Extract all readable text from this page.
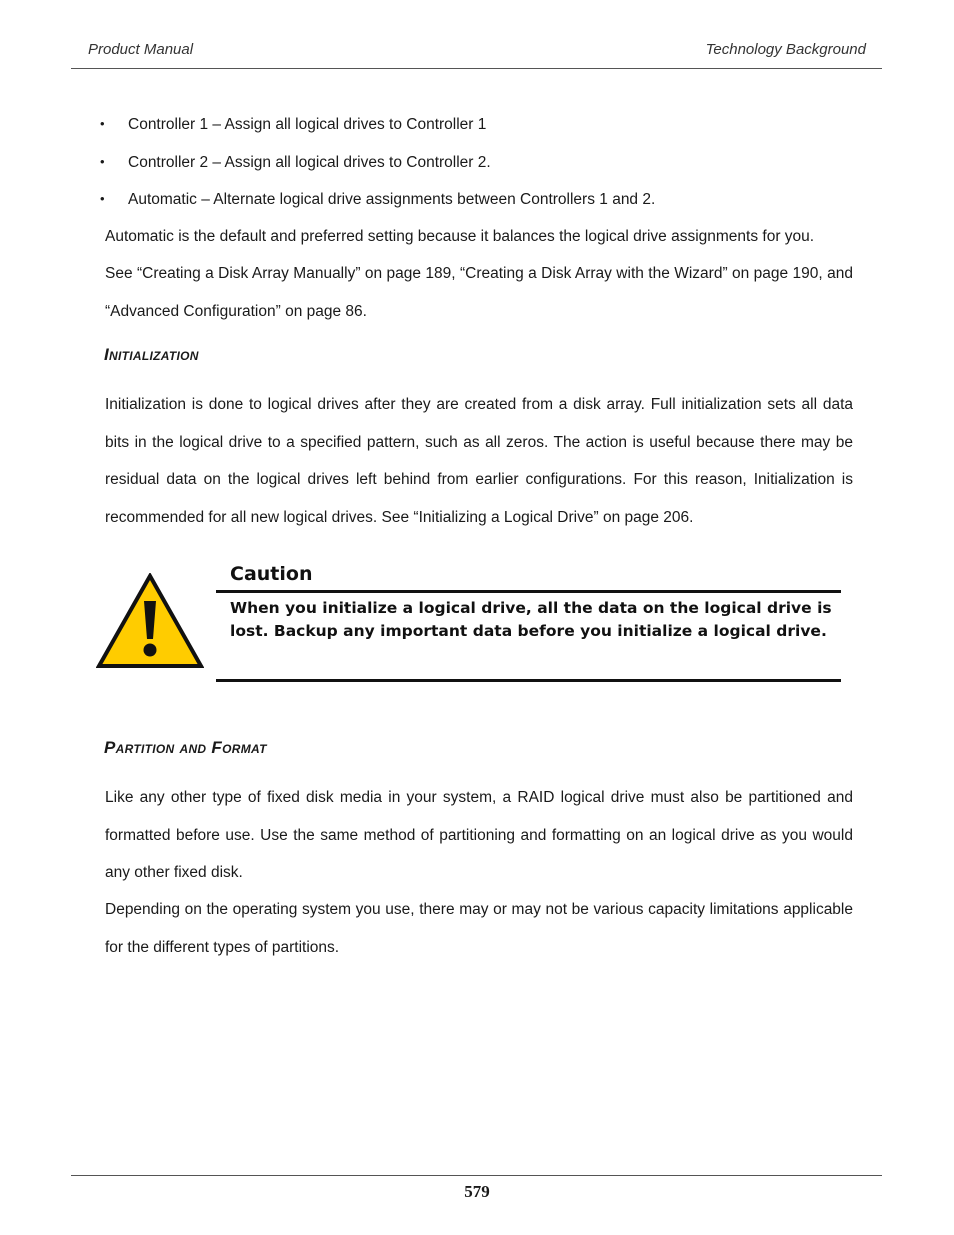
Product Manual	Technology Background
• Controller 1 – Assign all logical drives to Controller 1
• Controller 2 – Assign all logical drives to Controller 2.
• Automatic – Alternate logical drive assignments between Controllers 1 and 2.
Automatic is the default and preferred setting because it balances the logical drive assignments for you.
See “Creating a Disk Array Manually” on page 189, “Creating a Disk Array with the Wizard” on page 190, and “Advanced Configuration” on page 86.
Initialization
Initialization is done to logical drives after they are created from a disk array. Full initialization sets all data bits in the logical drive to a specified pattern, such as all zeros. The action is useful because there may be residual data on the logical drives left behind from earlier configurations. For this reason, Initialization is recommended for all new logical drives. See “Initializing a Logical Drive” on page 206.
Caution
When you initialize a logical drive, all the data on the logical drive is lost. Backup any important data before you initialize a logical drive.
Partition and Format
Like any other type of fixed disk media in your system, a RAID logical drive must also be partitioned and formatted before use. Use the same method of partitioning and formatting on an logical drive as you would any other fixed disk.
Depending on the operating system you use, there may or may not be various capacity limitations applicable for the different types of partitions.
579
